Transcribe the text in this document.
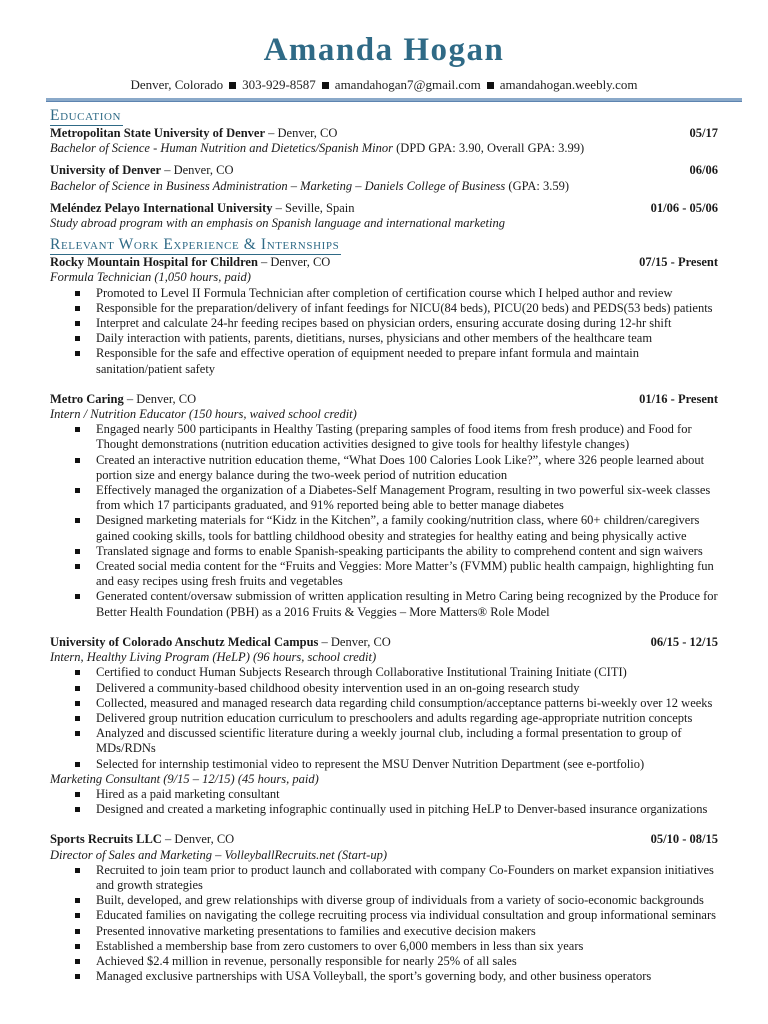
Amanda Hogan
Denver, Colorado 303-929-8587 amandahogan7@gmail.com amandahogan.weebly.com
Education
Metropolitan State University of Denver – Denver, CO	05/17
Bachelor of Science - Human Nutrition and Dietetics/Spanish Minor (DPD GPA: 3.90, Overall GPA: 3.99)
University of Denver – Denver, CO	06/06
Bachelor of Science in Business Administration – Marketing – Daniels College of Business (GPA: 3.59)
Meléndez Pelayo International University – Seville, Spain	01/06 - 05/06
Study abroad program with an emphasis on Spanish language and international marketing
Relevant Work Experience & Internships
Rocky Mountain Hospital for Children – Denver, CO	07/15 - Present
Formula Technician (1,050 hours, paid)
Promoted to Level II Formula Technician after completion of certification course which I helped author and review
Responsible for the preparation/delivery of infant feedings for NICU(84 beds), PICU(20 beds) and PEDS(53 beds) patients
Interpret and calculate 24-hr feeding recipes based on physician orders, ensuring accurate dosing during 12-hr shift
Daily interaction with patients, parents, dietitians, nurses, physicians and other members of the healthcare team
Responsible for the safe and effective operation of equipment needed to prepare infant formula and maintain sanitation/patient safety
Metro Caring – Denver, CO	01/16 - Present
Intern / Nutrition Educator (150 hours, waived school credit)
Engaged nearly 500 participants in Healthy Tasting (preparing samples of food items from fresh produce) and Food for Thought demonstrations (nutrition education activities designed to give tools for healthy lifestyle changes)
Created an interactive nutrition education theme, “What Does 100 Calories Look Like?”, where 326 people learned about portion size and energy balance during the two-week period of nutrition education
Effectively managed the organization of a Diabetes-Self Management Program, resulting in two powerful six-week classes from which 17 participants graduated, and 91% reported being able to better manage diabetes
Designed marketing materials for “Kidz in the Kitchen”, a family cooking/nutrition class, where 60+ children/caregivers gained cooking skills, tools for battling childhood obesity and strategies for healthy eating and being physically active
Translated signage and forms to enable Spanish-speaking participants the ability to comprehend content and sign waivers
Created social media content for the “Fruits and Veggies: More Matter’s (FVMM) public health campaign, highlighting fun and easy recipes using fresh fruits and vegetables
Generated content/oversaw submission of written application resulting in Metro Caring being recognized by the Produce for Better Health Foundation (PBH) as a 2016 Fruits & Veggies – More Matters® Role Model
University of Colorado Anschutz Medical Campus – Denver, CO	06/15 - 12/15
Intern, Healthy Living Program (HeLP) (96 hours, school credit)
Certified to conduct Human Subjects Research through Collaborative Institutional Training Initiate (CITI)
Delivered a community-based childhood obesity intervention used in an on-going research study
Collected, measured and managed research data regarding child consumption/acceptance patterns bi-weekly over 12 weeks
Delivered group nutrition education curriculum to preschoolers and adults regarding age-appropriate nutrition concepts
Analyzed and discussed scientific literature during a weekly journal club, including a formal presentation to group of MDs/RDNs
Selected for internship testimonial video to represent the MSU Denver Nutrition Department (see e-portfolio)
Marketing Consultant (9/15 – 12/15) (45 hours, paid)
Hired as a paid marketing consultant
Designed and created a marketing infographic continually used in pitching HeLP to Denver-based insurance organizations
Sports Recruits LLC – Denver, CO	05/10 - 08/15
Director of Sales and Marketing – VolleyballRecruits.net (Start-up)
Recruited to join team prior to product launch and collaborated with company Co-Founders on market expansion initiatives and growth strategies
Built, developed, and grew relationships with diverse group of individuals from a variety of socio-economic backgrounds
Educated families on navigating the college recruiting process via individual consultation and group informational seminars
Presented innovative marketing presentations to families and executive decision makers
Established a membership base from zero customers to over 6,000 members in less than six years
Achieved $2.4 million in revenue, personally responsible for nearly 25% of all sales
Managed exclusive partnerships with USA Volleyball, the sport’s governing body, and other business operators
